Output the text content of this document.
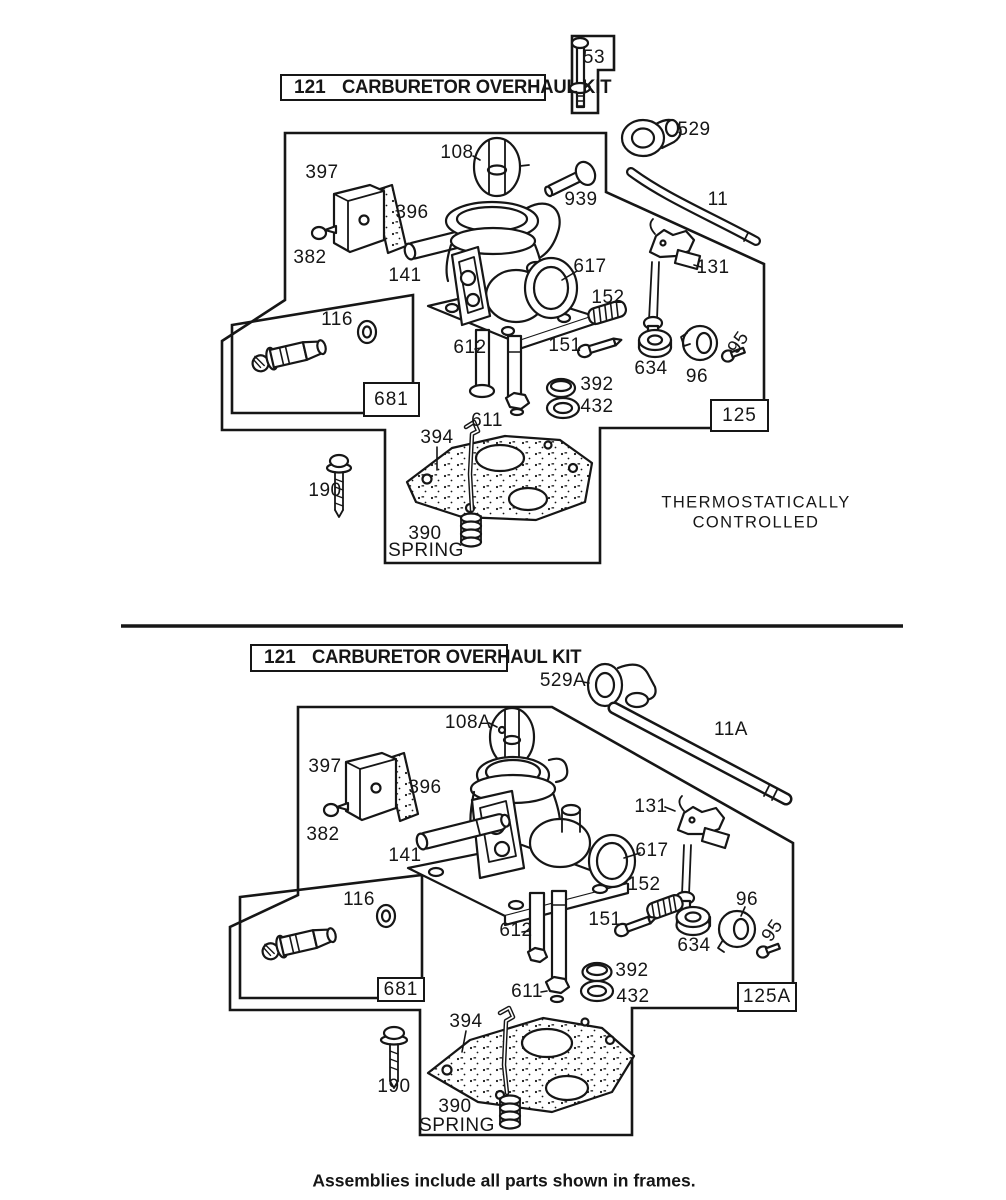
121 CARBURETOR OVERHAUL KIT
121 CARBURETOR OVERHAUL KIT
THERMOSTATICALLY
CONTROLLED
Assemblies include all parts shown in frames.
53
529
108
939	11
397
396
382
141	617	131
152
116
151	95
612
634 96
392
432
611
394
190
390
SPRING
681
125
529A
108A	11A
397
396
382
141
131
617
152
116
151
96
612
634 95
392
611	432
394
190
390
SPRING
681	125A
